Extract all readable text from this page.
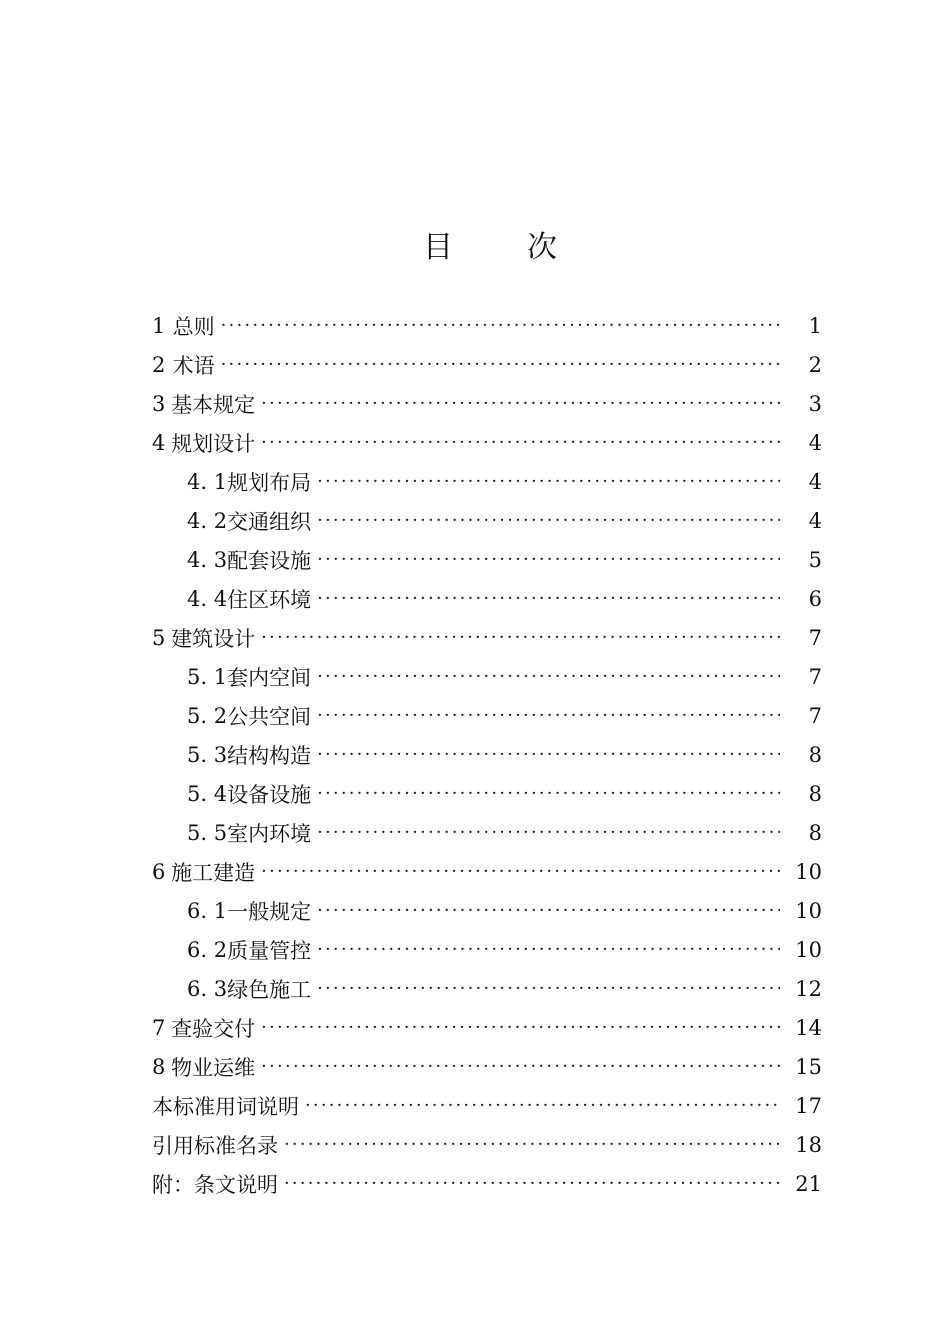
目 次
1 总则 ·····	1
2 术语 ·····	2
3 基本规定 ·····	3
4 规划设计 ·····	4
4. 1 规划布局 ·····	4
4. 2 交通组织 ·····	4
4. 3 配套设施 ·····	5
4. 4 住区环境 ·····	6
5 建筑设计 ·····	7
5. 1 套内空间 ·····	7
5. 2 公共空间 ·····	7
5. 3 结构构造 ·····	8
5. 4 设备设施 ·····	8
5. 5 室内环境 ·····	8
6 施工建造 ·····	10
6. 1 一般规定 ·····	10
6. 2 质量管控 ·····	10
6. 3 绿色施工 ·····	12
7 查验交付 ·····	14
8 物业运维 ·····	15
本标准用词说明 ·····	17
引用标准名录 ·····	18
附：条文说明 ·····	21
